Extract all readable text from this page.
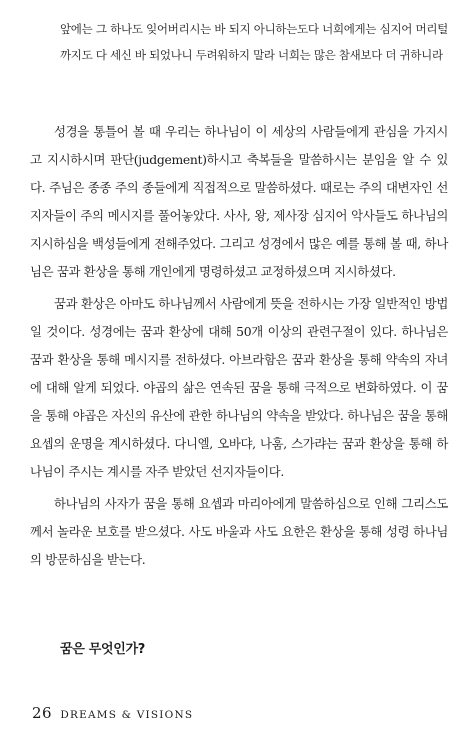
앞에는 그 하나도 잊어버리시는 바 되지 아니하는도다 너희에게는 심지어 머리털까지도 다 세신 바 되었나니 두려워하지 말라 너희는 많은 참새보다 더 귀하니라

성경을 통틀어 볼 때 우리는 하나님이 이 세상의 사람들에게 관심을 가지시고 지시하시며 판단(judgement)하시고 축복들을 말씀하시는 분임을 알 수 있다. 주님은 종종 주의 종들에게 직접적으로 말씀하셨다. 때로는 주의 대변자인 선지자들이 주의 메시지를 풀어놓았다. 사사, 왕, 제사장 심지어 악사들도 하나님의 지시하심을 백성들에게 전해주었다. 그리고 성경에서 많은 예를 통해 볼 때, 하나님은 꿈과 환상을 통해 개인에게 명령하셨고 교정하셨으며 지시하셨다.

꿈과 환상은 아마도 하나님께서 사람에게 뜻을 전하시는 가장 일반적인 방법일 것이다. 성경에는 꿈과 환상에 대해 50개 이상의 관련구절이 있다. 하나님은 꿈과 환상을 통해 메시지를 전하셨다. 아브라함은 꿈과 환상을 통해 약속의 자녀에 대해 알게 되었다. 야곱의 삶은 연속된 꿈을 통해 극적으로 변화하였다. 이 꿈을 통해 야곱은 자신의 유산에 관한 하나님의 약속을 받았다. 하나님은 꿈을 통해 요셉의 운명을 계시하셨다. 다니엘, 오바댜, 나훔, 스가랴는 꿈과 환상을 통해 하나님이 주시는 계시를 자주 받았던 선지자들이다.

하나님의 사자가 꿈을 통해 요셉과 마리아에게 말씀하심으로 인해 그리스도께서 놀라운 보호를 받으셨다. 사도 바울과 사도 요한은 환상을 통해 성령 하나님의 방문하심을 받는다.

꿈은 무엇인가?
26 DREAMS & VISIONS
